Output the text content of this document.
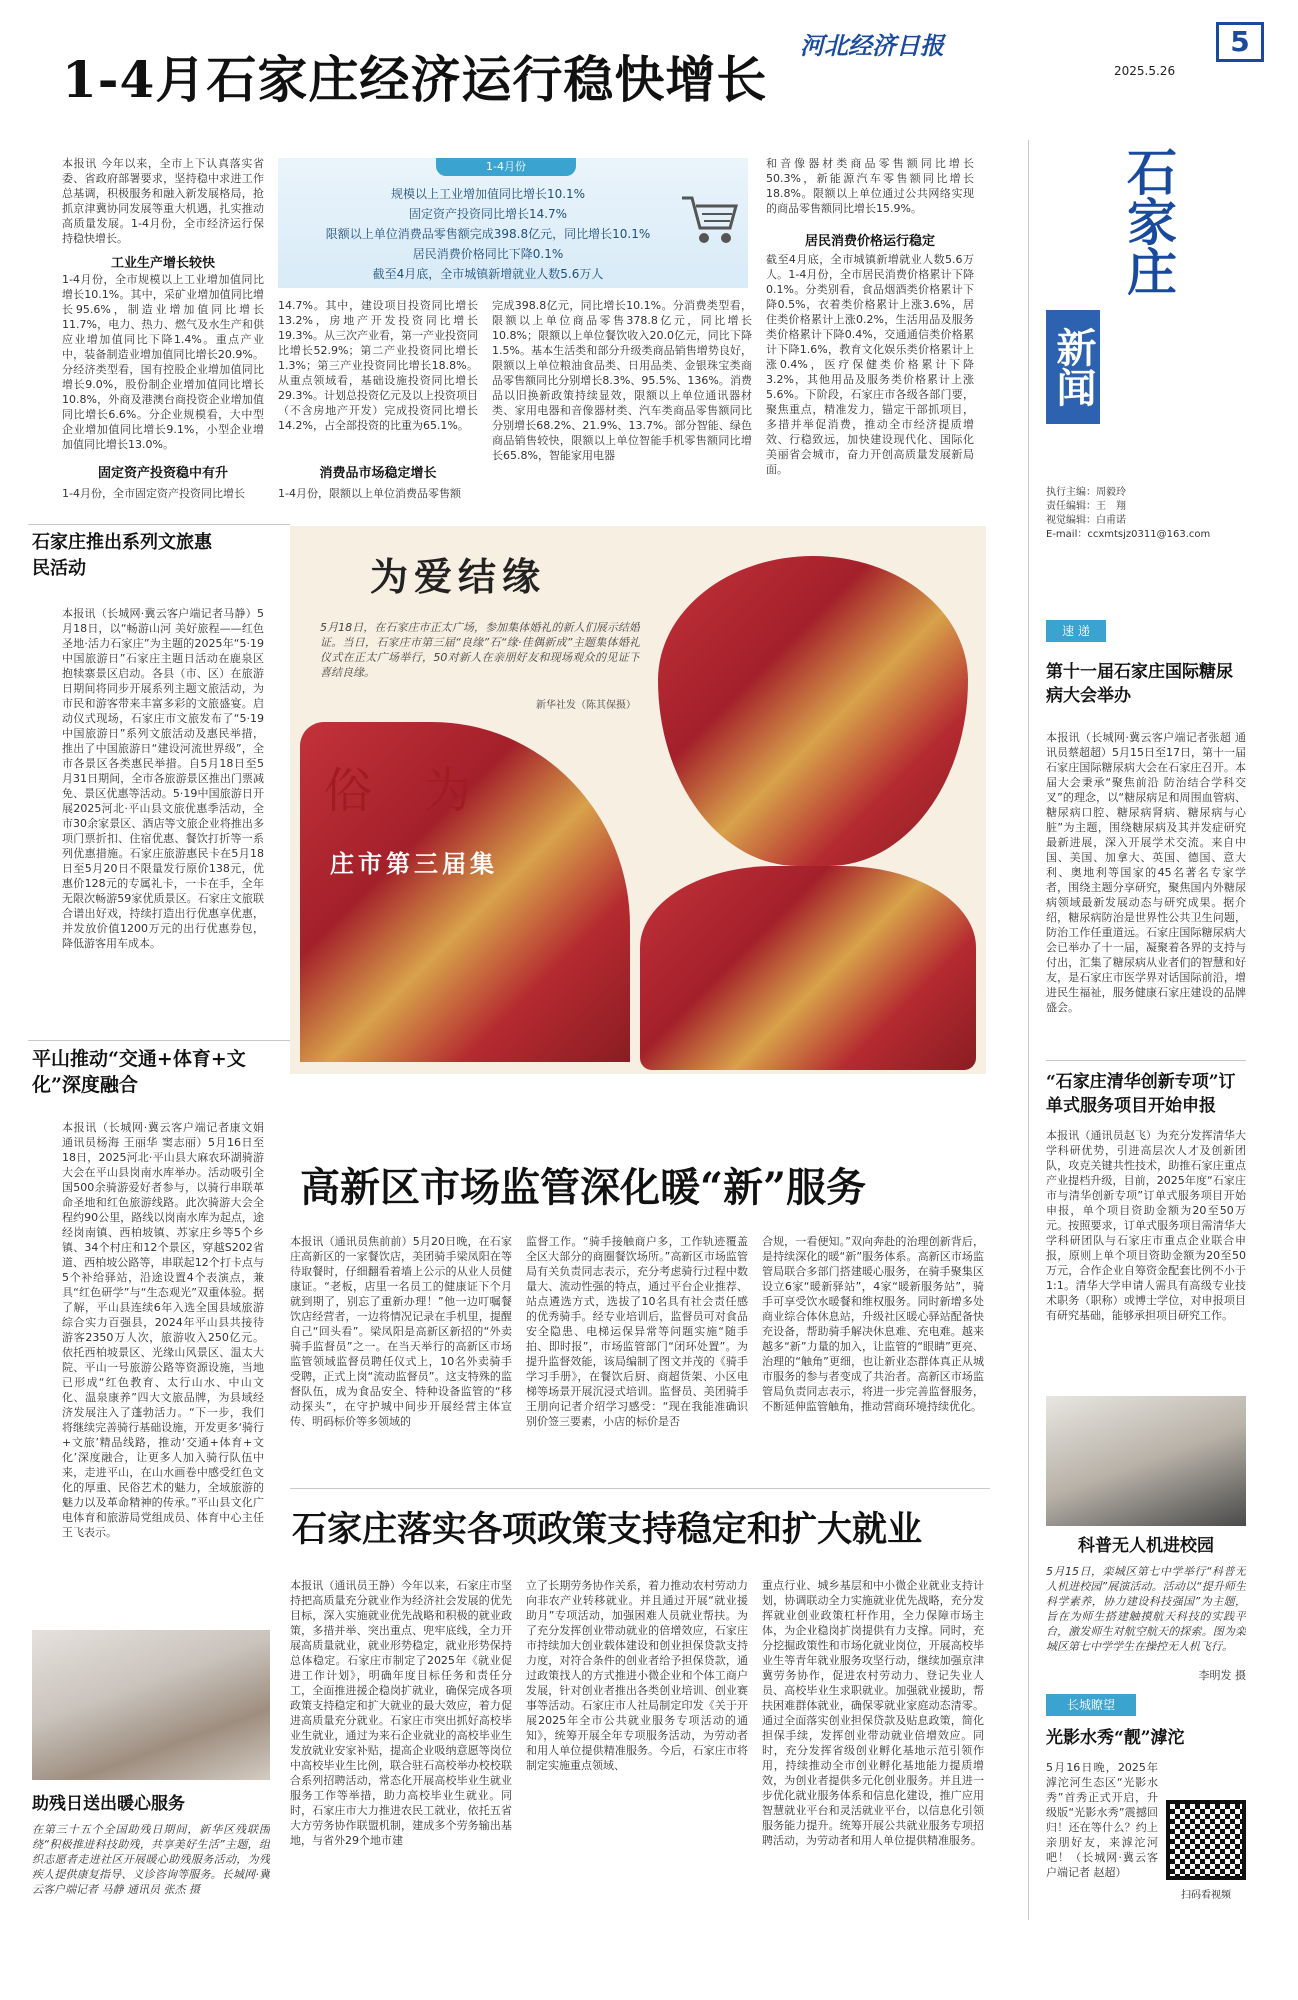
1-4月石家庄经济运行稳快增长
河北经济日报	5
2025.5.26
本报讯 今年以来，全市上下认真落实省委、省政府部署要求，坚持稳中求进工作总基调，积极服务和融入新发展格局，抢抓京津冀协同发展等重大机遇，扎实推动高质量发展。1-4月份，全市经济运行保持稳快增长。
工业生产增长较快
1-4月份，全市规模以上工业增加值同比增长10.1%。其中，采矿业增加值同比增长95.6%，制造业增加值同比增长11.7%，电力、热力、燃气及水生产和供应业增加值同比下降1.4%。重点产业中，装备制造业增加值同比增长20.9%。分经济类型看，国有控股企业增加值同比增长9.0%，股份制企业增加值同比增长10.8%，外商及港澳台商投资企业增加值同比增长6.6%。分企业规模看，大中型企业增加值同比增长9.1%，小型企业增加值同比增长13.0%。
固定资产投资稳中有升
1-4月份，全市固定资产投资同比增长
1-4月份
规模以上工业增加值同比增长10.1%
固定资产投资同比增长14.7%
限额以上单位消费品零售额完成398.8亿元，同比增长10.1%
居民消费价格同比下降0.1%
截至4月底，全市城镇新增就业人数5.6万人
14.7%。其中，建设项目投资同比增长13.2%，房地产开发投资同比增长19.3%。从三次产业看，第一产业投资同比增长52.9%；第二产业投资同比增长1.3%；第三产业投资同比增长18.8%。从重点领域看，基础设施投资同比增长29.3%。计划总投资亿元及以上投资项目（不含房地产开发）完成投资同比增长14.2%，占全部投资的比重为65.1%。
消费品市场稳定增长
1-4月份，限额以上单位消费品零售额
完成398.8亿元，同比增长10.1%。分消费类型看，限额以上单位商品零售378.8亿元，同比增长10.8%；限额以上单位餐饮收入20.0亿元，同比下降1.5%。基本生活类和部分升级类商品销售增势良好，限额以上单位粮油食品类、日用品类、金银珠宝类商品零售额同比分别增长8.3%、95.5%、136%。消费品以旧换新政策持续显效，限额以上单位通讯器材类、家用电器和音像器材类、汽车类商品零售额同比分别增长68.2%、21.9%、13.7%。部分智能、绿色商品销售较快，限额以上单位智能手机零售额同比增长65.8%，智能家用电器
和音像器材类商品零售额同比增长50.3%，新能源汽车零售额同比增长18.8%。限额以上单位通过公共网络实现的商品零售额同比增长15.9%。
居民消费价格运行稳定
截至4月底，全市城镇新增就业人数5.6万人。1-4月份，全市居民消费价格累计下降0.1%。分类别看，食品烟酒类价格累计下降0.5%，衣着类价格累计上涨3.6%，居住类价格累计上涨0.2%，生活用品及服务类价格累计下降0.4%，交通通信类价格累计下降1.6%，教育文化娱乐类价格累计上涨0.4%，医疗保健类价格累计下降3.2%，其他用品及服务类价格累计上涨5.6%。下阶段，石家庄市各级各部门要，聚焦重点，精准发力，锚定干部抓项目，多措并举促消费，推动全市经济提质增效、行稳致远，加快建设现代化、国际化美丽省会城市，奋力开创高质量发展新局面。
石家庄
新闻
执行主编：周毅玲
责任编辑：王　翔
视觉编辑：白甫诺
E-mail：ccxmtsjz0311@163.com
石家庄推出系列文旅惠民活动
本报讯（长城网·冀云客户端记者马静）5月18日，以“畅游山河 美好旅程——红色圣地·活力石家庄”为主题的2025年“5·19中国旅游日”石家庄主题日活动在鹿泉区抱犊寨景区启动。各县（市、区）在旅游日期间将同步开展系列主题文旅活动，为市民和游客带来丰富多彩的文旅盛宴。启动仪式现场，石家庄市文旅发布了“5·19中国旅游日”系列文旅活动及惠民举措，推出了中国旅游日“建设河流世界级”，全市各景区各类惠民举措。自5月18日至5月31日期间，全市各旅游景区推出门票减免、景区优惠等活动。5·19中国旅游日开展2025河北·平山县文旅优惠季活动，全市30余家景区、酒店等文旅企业将推出多项门票折扣、住宿优惠、餐饮打折等一系列优惠措施。石家庄旅游惠民卡在5月18日至5月20日不限量发行原价138元，优惠价128元的专属礼卡，一卡在手，全年无限次畅游59家优质景区。石家庄文旅联合谱出好戏，持续打造出行优惠享优惠，并发放价值1200万元的出行优惠券包，降低游客用车成本。
平山推动“交通+体育+文化”深度融合
本报讯（长城网·冀云客户端记者康文娟 通讯员杨海 王丽华 窦志丽）5月16日至18日，2025河北·平山县大麻农环湖骑游大会在平山县岗南水库举办。活动吸引全国500余骑游爱好者参与，以骑行串联革命圣地和红色旅游线路。此次骑游大会全程约90公里，路线以岗南水库为起点，途经岗南镇、西柏坡镇、苏家庄乡等5个乡镇、34个村庄和12个景区，穿越S202省道、西柏坡公路等，串联起12个打卡点与5个补给驿站，沿途设置4个表演点，兼具“红色研学”与“生态观光”双重体验。据了解，平山县连续6年入选全国县域旅游综合实力百强县，2024年平山县共接待游客2350万人次，旅游收入250亿元。依托西柏坡景区、光缘山风景区、温太大院、平山一号旅游公路等资源设施，当地已形成“红色教育、太行山水、中山文化、温泉康养”四大文旅品牌，为县域经济发展注入了蓬勃活力。“下一步，我们将继续完善骑行基础设施，开发更多‘骑行+文旅’精品线路，推动‘交通+体育+文化’深度融合，让更多人加入骑行队伍中来，走进平山，在山水画卷中感受红色文化的厚重、民俗艺术的魅力，全域旅游的魅力以及革命精神的传承。”平山县文化广电体育和旅游局党组成员、体育中心主任王飞表示。
助残日送出暖心服务
在第三十五个全国助残日期间，新华区残联围绕“积极推进科技助残，共享美好生活”主题，组织志愿者走进社区开展暖心助残服务活动，为残疾人提供康复指导、义诊咨询等服务。长城网·冀云客户端记者 马静 通讯员 张杰 摄
为爱结缘
5月18日，在石家庄市正太广场，参加集体婚礼的新人们展示结婚证。当日，石家庄市第三届“良缘”石“缘·佳偶新成”主题集体婚礼仪式在正太广场举行，50对新人在亲朋好友和现场观众的见证下喜结良缘。
新华社发（陈其保摄）
俗 为
庄市第三届集
速 递
第十一届石家庄国际糖尿病大会举办
本报讯（长城网·冀云客户端记者张超 通讯员蔡超超）5月15日至17日，第十一届石家庄国际糖尿病大会在石家庄召开。本届大会秉承“聚焦前沿 防治结合学科交叉”的理念，以“糖尿病足和周围血管病、糖尿病口腔、糖尿病肾病、糖尿病与心脏”为主题，围绕糖尿病及其并发症研究最新进展，深入开展学术交流。来自中国、美国、加拿大、英国、德国、意大利、奥地利等国家的45名著名专家学者，围绕主题分享研究，聚焦国内外糖尿病领域最新发展动态与研究成果。据介绍，糖尿病防治是世界性公共卫生问题，防治工作任重道远。石家庄国际糖尿病大会已举办了十一届，凝聚着各界的支持与付出，汇集了糖尿病从业者们的智慧和好友，是石家庄市医学界对话国际前沿，增进民生福祉，服务健康石家庄建设的品牌盛会。
“石家庄清华创新专项”订单式服务项目开始申报
本报讯（通讯员赵飞）为充分发挥清华大学科研优势，引进高层次人才及创新团队，攻克关键共性技术，助推石家庄重点产业提档升级，目前，2025年度“石家庄市与清华创新专项”订单式服务项目开始申报，单个项目资助金额为20至50万元。按照要求，订单式服务项目需清华大学科研团队与石家庄市重点企业联合申报，原则上单个项目资助金额为20至50万元，合作企业自筹资金配套比例不小于1:1。清华大学申请人需具有高级专业技术职务（职称）或博士学位，对申报项目有研究基础，能够承担项目研究工作。
科普无人机进校园
5月15日，栾城区第七中学举行“科普无人机进校园”展演活动。活动以“提升师生科学素养，协力建设科技强国”为主题，旨在为师生搭建触摸航天科技的实践平台，激发师生对航空航天的探索。图为栾城区第七中学学生在操控无人机飞行。
李明发 摄
长城瞭望
光影水秀“靓”滹沱
5月16日晚，2025年滹沱河生态区“光影水秀”首秀正式开启，升级版“光影水秀”震撼回归！还在等什么？约上亲朋好友，来滹沱河吧！（长城网·冀云客户端记者 赵超）
扫码看视频
高新区市场监管深化暖“新”服务
本报讯（通讯员焦前前）5月20日晚，在石家庄高新区的一家餐饮店，美团骑手梁凤阳在等待取餐时，仔细翻看着墙上公示的从业人员健康证。“老板，店里一名员工的健康证下个月就到期了，别忘了重新办理！”他一边叮嘱餐饮店经营者，一边将情况记录在手机里，提醒自己“回头看”。梁凤阳是高新区新招的“外卖骑手监督员”之一。在当天举行的高新区市场监管领域监督员聘任仪式上，10名外卖骑手受聘，正式上岗“流动监督员”。这支特殊的监督队伍，成为食品安全、特种设备监管的“移动探头”，在守护城中间步开展经营主体宣传、明码标价等多领域的
监督工作。“骑手接触商户多，工作轨迹覆盖全区大部分的商圈餐饮场所。”高新区市场监管局有关负责同志表示，充分考虑骑行过程中数量大、流动性强的特点，通过平台企业推荐、站点遴选方式，选拔了10名具有社会责任感的优秀骑手。经专业培训后，监督员可对食品安全隐患、电梯运保异常等问题实施“随手拍、即时报”，市场监管部门“闭环处置”。为提升监督效能，该局编制了图文并茂的《骑手学习手册》，在餐饮后厨、商超货架、小区电梯等场景开展沉浸式培训。监督员、美团骑手王朋向记者介绍学习感受：“现在我能准确识别价签三要素，小店的标价是否
合规，一看便知。”双向奔赴的治理创新背后，是持续深化的暖“新”服务体系。高新区市场监管局联合多部门搭建暖心服务，在骑手聚集区设立6家“暖新驿站”，4家“暖新服务站”，骑手可享受饮水暖餐和维权服务。同时新增多处商业综合体休息站，升级社区暖心驿站配备快充设备，帮助骑手解决休息难、充电难。越来越多“新”力量的加入，让监管的“眼睛”更亮、治理的“触角”更细，也让新业态群体真正从城市服务的参与者变成了共治者。高新区市场监管局负责同志表示，将进一步完善监督服务，不断延伸监管触角，推动营商环境持续优化。
石家庄落实各项政策支持稳定和扩大就业
本报讯（通讯员王静）今年以来，石家庄市坚持把高质量充分就业作为经济社会发展的优先目标，深入实施就业优先战略和积极的就业政策，多措并举、突出重点、兜牢底线，全力开展高质量就业，就业形势稳定，就业形势保持总体稳定。石家庄市制定了2025年《就业促进工作计划》，明确年度目标任务和责任分工，全面推进援企稳岗扩就业，确保完成各项政策支持稳定和扩大就业的最大效应，着力促进高质量充分就业。石家庄市突出抓好高校毕业生就业，通过为来石企业就业的高校毕业生发放就业安家补贴，提高企业吸纳意愿等岗位中高校毕业生比例，联合驻石高校举办校校联合系列招聘活动，常态化开展高校毕业生就业服务工作等举措，助力高校毕业生就业。同时，石家庄市大力推进农民工就业，依托五省大方劳务协作联盟机制，建成多个劳务输出基地，与省外29个地市建
立了长期劳务协作关系，着力推动农村劳动力向非农产业转移就业。并且通过开展“就业援助月”专项活动，加强困难人员就业帮扶。为了充分发挥创业带动就业的倍增效应，石家庄市持续加大创业载体建设和创业担保贷款支持力度，对符合条件的创业者给予担保贷款，通过政策找人的方式推进小微企业和个体工商户发展，针对创业者推出各类创业培训、创业赛事等活动。石家庄市人社局制定印发《关于开展2025年全市公共就业服务专项活动的通知》，统筹开展全年专项服务活动，为劳动者和用人单位提供精准服务。今后，石家庄市将制定实施重点领域、
重点行业、城乡基层和中小微企业就业支持计划，协调联动全力实施就业优先战略，充分发挥就业创业政策杠杆作用，全力保障市场主体，为企业稳岗扩岗提供有力支撑。同时，充分挖掘政策性和市场化就业岗位，开展高校毕业生等青年就业服务攻坚行动，继续加强京津冀劳务协作，促进农村劳动力、登记失业人员、高校毕业生求职就业。加强就业援助，帮扶困难群体就业，确保零就业家庭动态清零。通过全面落实创业担保贷款及贴息政策，简化担保手续，发挥创业带动就业倍增效应。同时，充分发挥省级创业孵化基地示范引领作用，持续推动全市创业孵化基地能力提质增效，为创业者提供多元化创业服务。并且进一步优化就业服务体系和信息化建设，推广应用智慧就业平台和灵活就业平台，以信息化引领服务能力提升。统筹开展公共就业服务专项招聘活动，为劳动者和用人单位提供精准服务。
